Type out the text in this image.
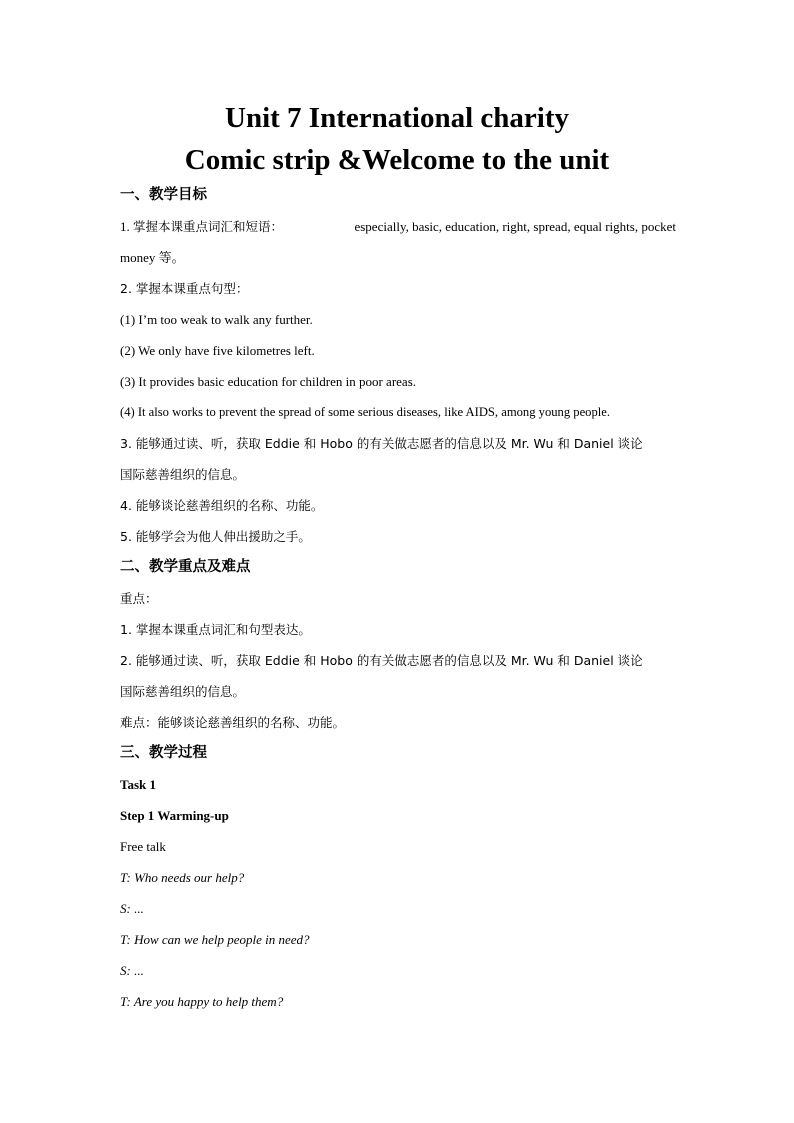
Unit 7 International charity
Comic strip &Welcome to the unit
一、教学目标
1. 掌握本课重点词汇和短语：	especially, basic, education, right, spread, equal rights, pocket
money 等。
2. 掌握本课重点句型：
(1) I’m too weak to walk any further.
(2) We only have five kilometres left.
(3) It provides basic education for children in poor areas.
(4) It also works to prevent the spread of some serious diseases, like AIDS, among young people.
3. 能够通过读、听，获取 Eddie 和 Hobo 的有关做志愿者的信息以及 Mr. Wu 和 Daniel 谈论
国际慈善组织的信息。
4. 能够谈论慈善组织的名称、功能。
5. 能够学会为他人伸出援助之手。
二、教学重点及难点
重点：
1. 掌握本课重点词汇和句型表达。
2. 能够通过读、听，获取 Eddie 和 Hobo 的有关做志愿者的信息以及 Mr. Wu 和 Daniel 谈论
国际慈善组织的信息。
难点：能够谈论慈善组织的名称、功能。
三、教学过程
Task 1
Step 1 Warming-up
Free talk
T: Who needs our help?
S: ...
T: How can we help people in need?
S: ...
T: Are you happy to help them?
